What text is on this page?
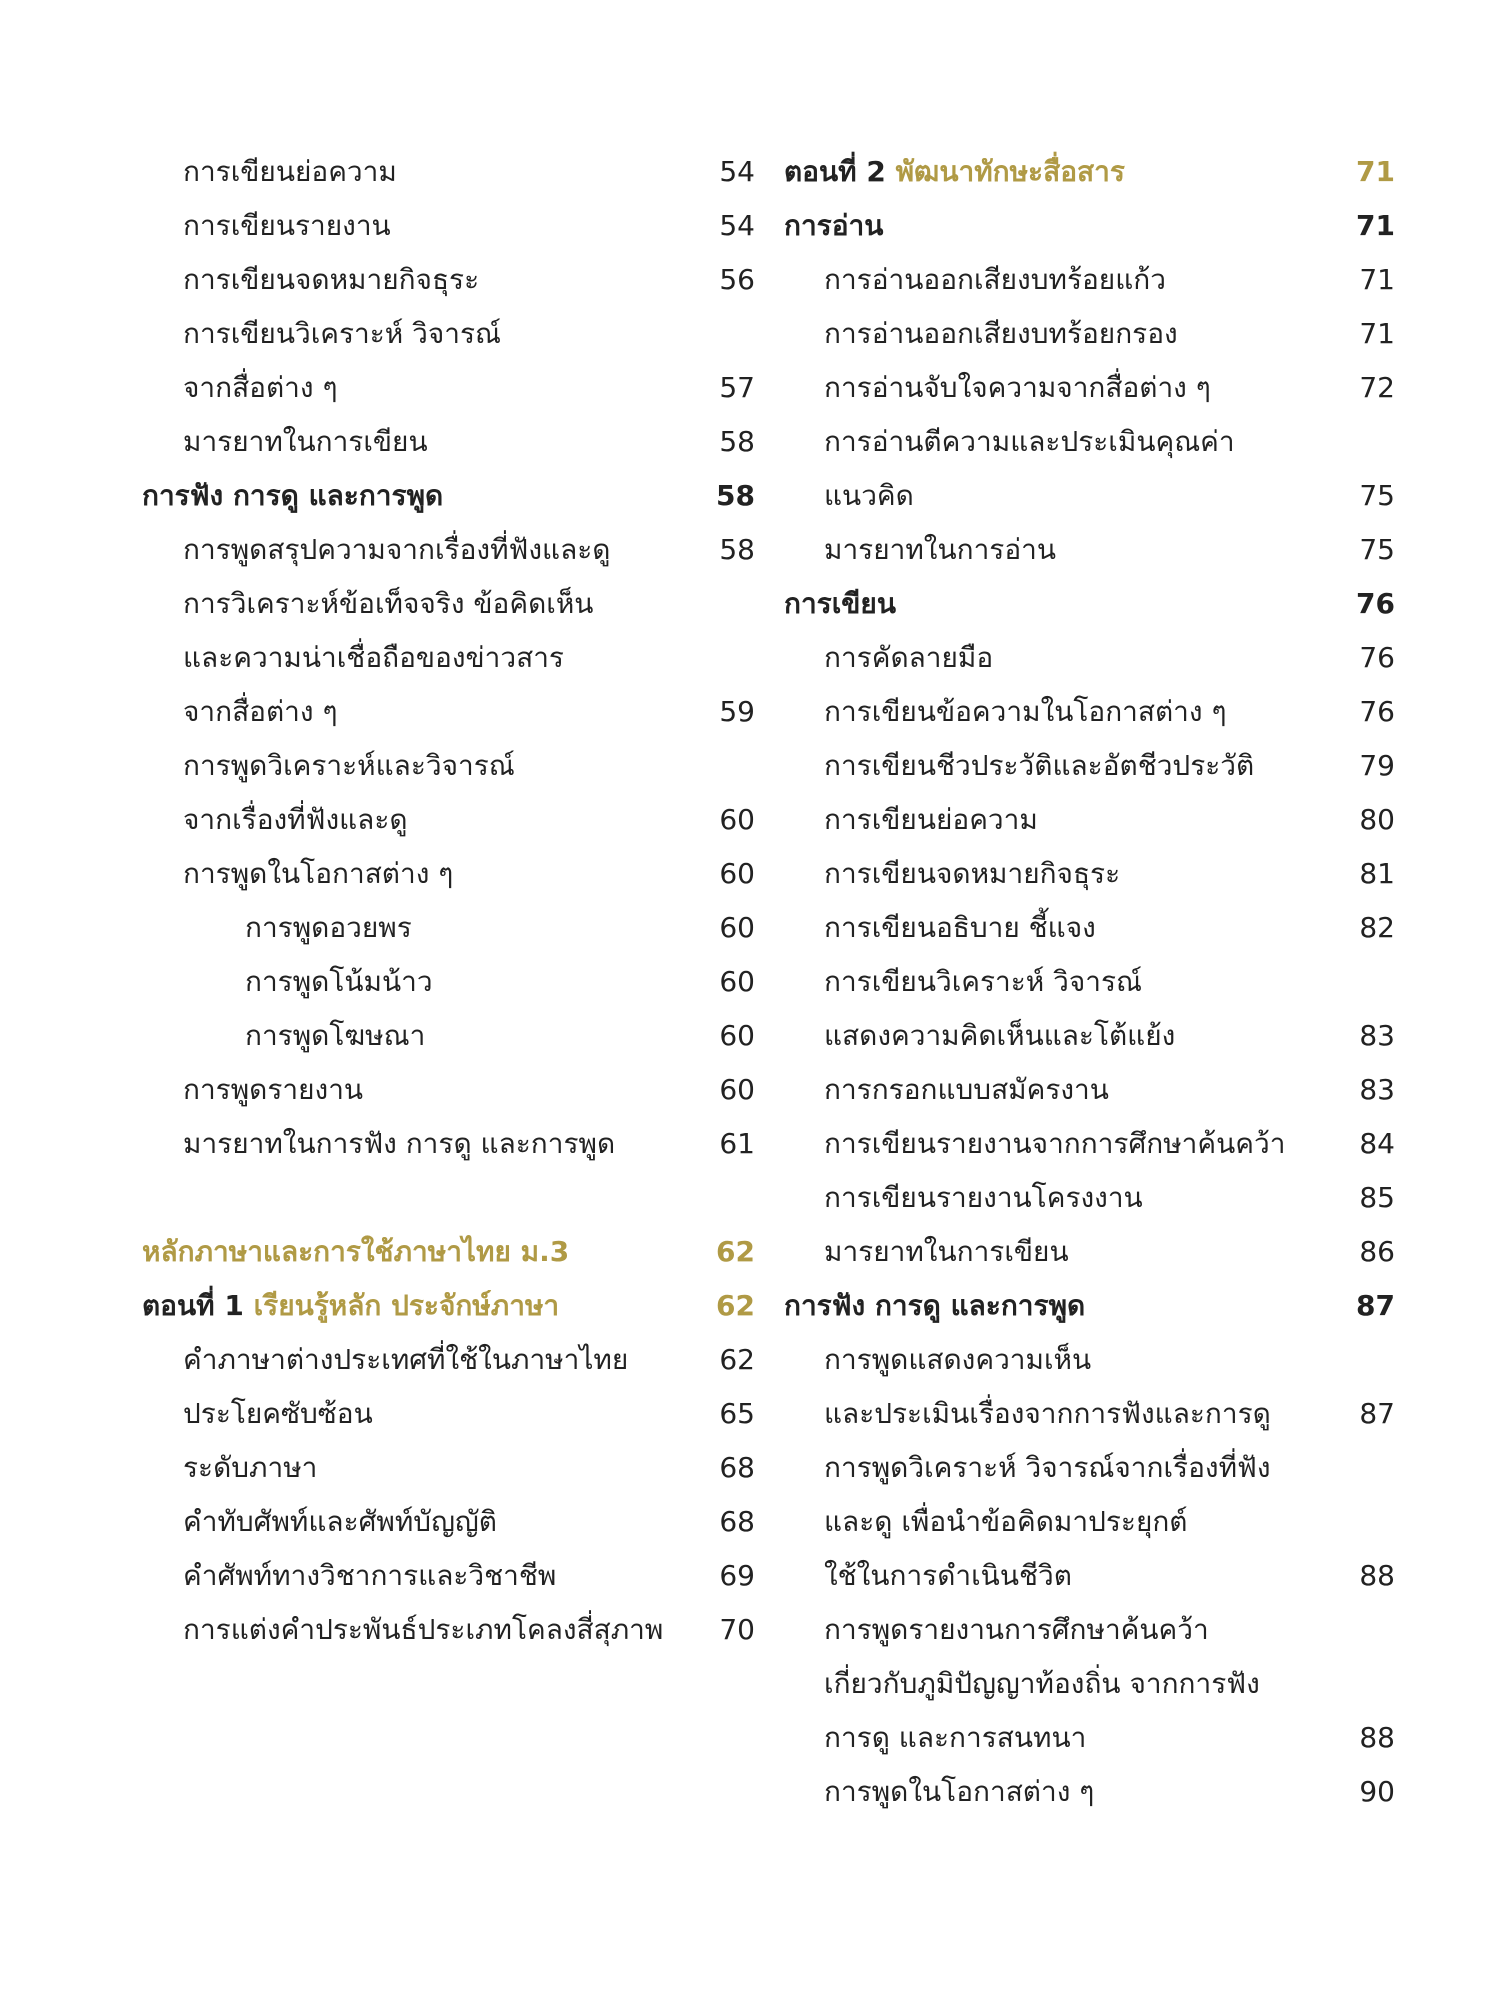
การเขียนย่อความ	54
การเขียนรายงาน	54
การเขียนจดหมายกิจธุระ	56
การเขียนวิเคราะห์ วิจารณ์
จากสื่อต่าง ๆ	57
มารยาทในการเขียน	58
การฟัง การดู และการพูด	58
การพูดสรุปความจากเรื่องที่ฟังและดู	58
การวิเคราะห์ข้อเท็จจริง ข้อคิดเห็น
และความน่าเชื่อถือของข่าวสาร
จากสื่อต่าง ๆ	59
การพูดวิเคราะห์และวิจารณ์
จากเรื่องที่ฟังและดู	60
การพูดในโอกาสต่าง ๆ	60
การพูดอวยพร	60
การพูดโน้มน้าว	60
การพูดโฆษณา	60
การพูดรายงาน	60
มารยาทในการฟัง การดู และการพูด	61
หลักภาษาและการใช้ภาษาไทย ม.3	62
ตอนที่ 1 เรียนรู้หลัก ประจักษ์ภาษา	62
คำภาษาต่างประเทศที่ใช้ในภาษาไทย	62
ประโยคซับซ้อน	65
ระดับภาษา	68
คำทับศัพท์และศัพท์บัญญัติ	68
คำศัพท์ทางวิชาการและวิชาชีพ	69
การแต่งคำประพันธ์ประเภทโคลงสี่สุภาพ	70
ตอนที่ 2 พัฒนาทักษะสื่อสาร	71
การอ่าน	71
การอ่านออกเสียงบทร้อยแก้ว	71
การอ่านออกเสียงบทร้อยกรอง	71
การอ่านจับใจความจากสื่อต่าง ๆ	72
การอ่านตีความและประเมินคุณค่า
แนวคิด	75
มารยาทในการอ่าน	75
การเขียน	76
การคัดลายมือ	76
การเขียนข้อความในโอกาสต่าง ๆ	76
การเขียนชีวประวัติและอัตชีวประวัติ	79
การเขียนย่อความ	80
การเขียนจดหมายกิจธุระ	81
การเขียนอธิบาย ชี้แจง	82
การเขียนวิเคราะห์ วิจารณ์
แสดงความคิดเห็นและโต้แย้ง	83
การกรอกแบบสมัครงาน	83
การเขียนรายงานจากการศึกษาค้นคว้า	84
การเขียนรายงานโครงงาน	85
มารยาทในการเขียน	86
การฟัง การดู และการพูด	87
การพูดแสดงความเห็น
และประเมินเรื่องจากการฟังและการดู	87
การพูดวิเคราะห์ วิจารณ์จากเรื่องที่ฟัง
และดู เพื่อนำข้อคิดมาประยุกต์
ใช้ในการดำเนินชีวิต	88
การพูดรายงานการศึกษาค้นคว้า
เกี่ยวกับภูมิปัญญาท้องถิ่น จากการฟัง
การดู และการสนทนา	88
การพูดในโอกาสต่าง ๆ	90
